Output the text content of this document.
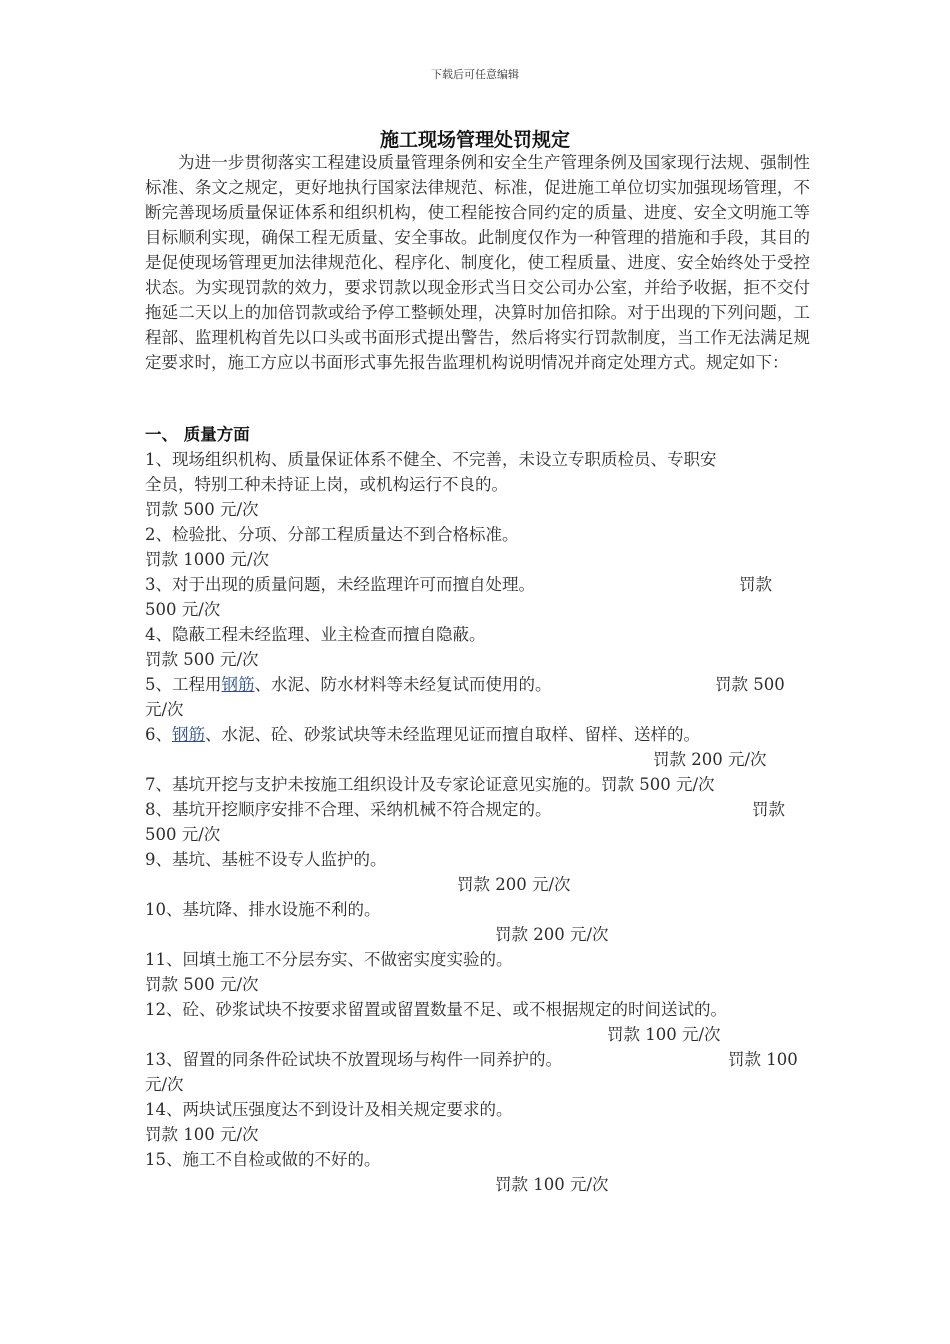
下载后可任意编辑
施工现场管理处罚规定
为进一步贯彻落实工程建设质量管理条例和安全生产管理条例及国家现行法规、强制性标准、条文之规定，更好地执行国家法律规范、标准，促进施工单位切实加强现场管理，不断完善现场质量保证体系和组织机构，使工程能按合同约定的质量、进度、安全文明施工等目标顺利实现，确保工程无质量、安全事故。此制度仅作为一种管理的措施和手段，其目的是促使现场管理更加法律规范化、程序化、制度化，使工程质量、进度、安全始终处于受控状态。为实现罚款的效力，要求罚款以现金形式当日交公司办公室，并给予收据，拒不交付拖延二天以上的加倍罚款或给予停工整顿处理，决算时加倍扣除。对于出现的下列问题，工程部、监理机构首先以口头或书面形式提出警告，然后将实行罚款制度，当工作无法满足规定要求时，施工方应以书面形式事先报告监理机构说明情况并商定处理方式。规定如下：
一、 质量方面
1、现场组织机构、质量保证体系不健全、不完善，未设立专职质检员、专职安
全员，特别工种未持证上岗，或机构运行不良的。
罚款 500 元/次
2、检验批、分项、分部工程质量达不到合格标准。
罚款 1000 元/次
3、对于出现的质量问题，未经监理许可而擅自处理。	罚款
500 元/次
4、隐蔽工程未经监理、业主检查而擅自隐蔽。
罚款 500 元/次
5、工程用钢筋、水泥、防水材料等未经复试而使用的。	罚款 500
元/次
6、钢筋、水泥、砼、砂浆试块等未经监理见证而擅自取样、留样、送样的。
罚款 200 元/次
7、基坑开挖与支护未按施工组织设计及专家论证意见实施的。罚款 500 元/次
8、基坑开挖顺序安排不合理、采纳机械不符合规定的。	罚款
500 元/次
9、基坑、基桩不设专人监护的。
罚款 200 元/次
10、基坑降、排水设施不利的。
罚款 200 元/次
11、回填土施工不分层夯实、不做密实度实验的。
罚款 500 元/次
12、砼、砂浆试块不按要求留置或留置数量不足、或不根据规定的时间送试的。
罚款 100 元/次
13、留置的同条件砼试块不放置现场与构件一同养护的。	罚款 100
元/次
14、两块试压强度达不到设计及相关规定要求的。
罚款 100 元/次
15、施工不自检或做的不好的。
罚款 100 元/次
